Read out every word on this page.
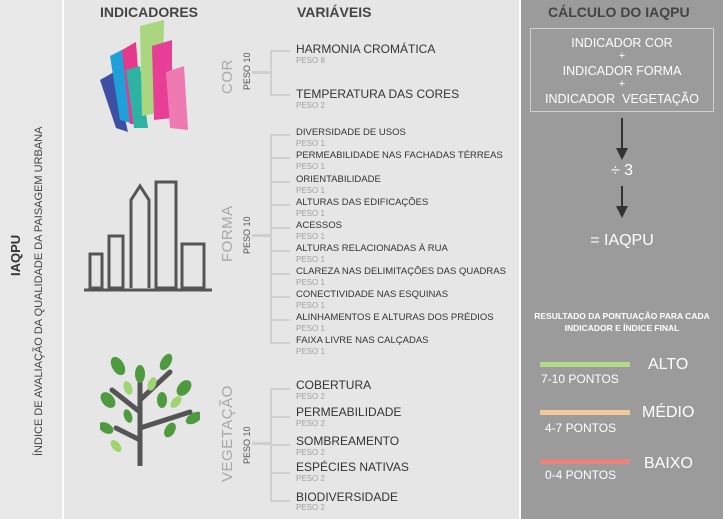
IAQPU ÍNDICE DE AVALIAÇÃO DA QUALIDADE DA PAISAGEM URBANA
INDICADORES	VARIÁVEIS	CÁLCULO DO IAQPU
COR PESO 10
HARMONIA CROMÁTICA
PESO 8
TEMPERATURA DAS CORES
PESO 2
FORMA PESO 10
DIVERSIDADE DE USOS
PESO 1
PERMEABILIDADE NAS FACHADAS TÉRREAS
PESO 1
ORIENTABILIDADE
PESO 1
ALTURAS DAS EDIFICAÇÕES
PESO 1
ACESSOS
PESO 1
ALTURAS RELACIONADAS À RUA
PESO 1
CLAREZA NAS DELIMITAÇÕES DAS QUADRAS
PESO 1
CONECTIVIDADE NAS ESQUINAS
PESO 1
ALINHAMENTOS E ALTURAS DOS PRÉDIOS
PESO 1
FAIXA LIVRE NAS CALÇADAS
PESO 1
VEGETAÇÃO PESO 10
COBERTURA
PESO 2
PERMEABILIDADE
PESO 2
SOMBREAMENTO
PESO 2
ESPÉCIES NATIVAS
PESO 2
BIODIVERSIDADE
PESO 2
INDICADOR COR
+
INDICADOR FORMA
+
INDICADOR  VEGETAÇÃO
÷ 3
= IAQPU
RESULTADO DA PONTUAÇÃO PARA CADA INDICADOR E ÍNDICE FINAL
ALTO
7-10 PONTOS
MÉDIO
4-7 PONTOS
BAIXO
0-4 PONTOS
